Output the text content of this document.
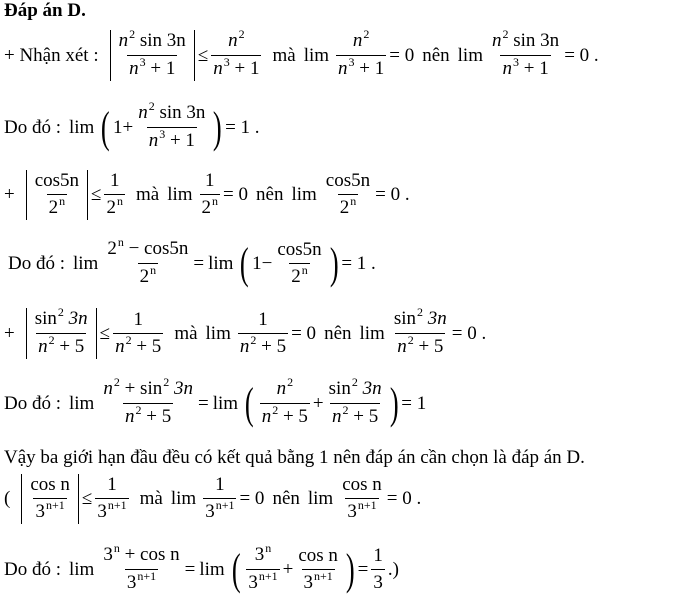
Đáp án D.
+ Nhận xét : $\frac{n^2 \sin 3n}{n^3 + 1} \le \frac{n^2}{n^3 + 1}$ mà $\lim \frac{n^2}{n^3 + 1} = 0$ nên $\lim \frac{n^2 \sin 3n}{n^3 + 1} = 0$ .
Do đó : lim ( $1+ \frac{n^2 \sin 3n}{n^3 + 1}$ ) = 1 .
+ $\frac{\cos 5n}{2^n} \le \frac{1}{2^n}$ mà $\lim \frac{1}{2^n} = 0$ nên $\lim \frac{\cos 5n}{2^n} = 0$ .
Do đó : $\lim \frac{2^n - \cos 5n}{2^n} = \lim$ ( $1- \frac{\cos 5n}{2^n}$ ) = 1 .
+ $\frac{\sin^2 3n}{n^2 + 5} \le \frac{1}{n^2 + 5}$ mà $\lim \frac{1}{n^2 + 5} = 0$ nên $\lim \frac{\sin^2 3n}{n^2 + 5} = 0$ .
Do đó : $\lim \frac{n^2 + \sin^2 3n}{n^2 + 5} = \lim$ ( $\frac{n^2}{n^2 + 5} + \frac{\sin^2 3n}{n^2 + 5}$ ) = 1
Vậy ba giới hạn đầu đều có kết quả bằng 1 nên đáp án cần chọn là đáp án D.
( $\frac{\text{cos n}}{3^{n+1}} \le \frac{1}{3^{n+1}}$ mà $\lim \frac{1}{3^{n+1}} = 0$ nên $\lim \frac{\text{cos n}}{3^{n+1}} = 0$ .
Do đó : $\lim \frac{3^n + \cos n}{3^{n+1}} = \lim$ ( $\frac{3^n}{3^{n+1}} + \frac{\text{cos n}}{3^{n+1}}$ ) = $\frac{1}{3}$ .)
